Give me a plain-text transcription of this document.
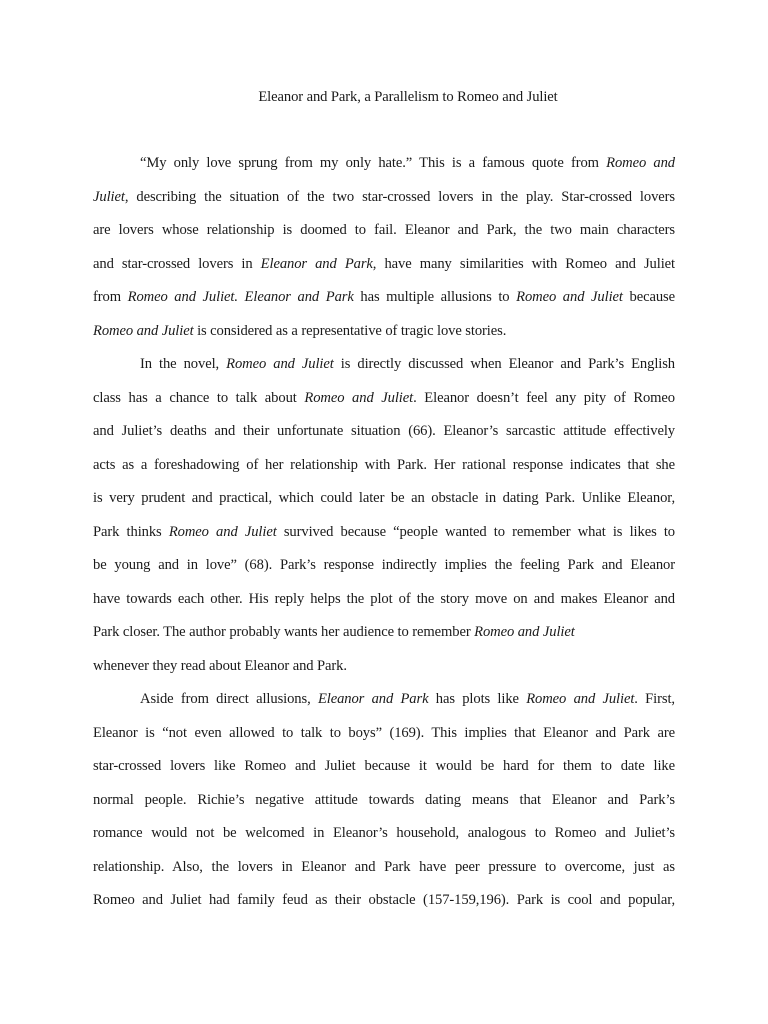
Eleanor and Park, a Parallelism to Romeo and Juliet
“My only love sprung from my only hate.” This is a famous quote from Romeo and
Juliet, describing the situation of the two star-crossed lovers in the play. Star-crossed lovers
are lovers whose relationship is doomed to fail. Eleanor and Park, the two main characters
and star-crossed lovers in Eleanor and Park, have many similarities with Romeo and Juliet
from Romeo and Juliet. Eleanor and Park has multiple allusions to Romeo and Juliet because
Romeo and Juliet is considered as a representative of tragic love stories.
In the novel, Romeo and Juliet is directly discussed when Eleanor and Park’s English
class has a chance to talk about Romeo and Juliet. Eleanor doesn’t feel any pity of Romeo
and Juliet’s deaths and their unfortunate situation (66). Eleanor’s sarcastic attitude effectively
acts as a foreshadowing of her relationship with Park. Her rational response indicates that she
is very prudent and practical, which could later be an obstacle in dating Park. Unlike Eleanor,
Park thinks Romeo and Juliet survived because “people wanted to remember what is likes to
be young and in love” (68). Park’s response indirectly implies the feeling Park and Eleanor
have towards each other. His reply helps the plot of the story move on and makes Eleanor and
Park closer. The author probably wants her audience to remember Romeo and Juliet
whenever they read about Eleanor and Park.
Aside from direct allusions, Eleanor and Park has plots like Romeo and Juliet. First,
Eleanor is “not even allowed to talk to boys” (169). This implies that Eleanor and Park are
star-crossed lovers like Romeo and Juliet because it would be hard for them to date like
normal people. Richie’s negative attitude towards dating means that Eleanor and Park’s
romance would not be welcomed in Eleanor’s household, analogous to Romeo and Juliet’s
relationship. Also, the lovers in Eleanor and Park have peer pressure to overcome, just as
Romeo and Juliet had family feud as their obstacle (157-159,196). Park is cool and popular,
